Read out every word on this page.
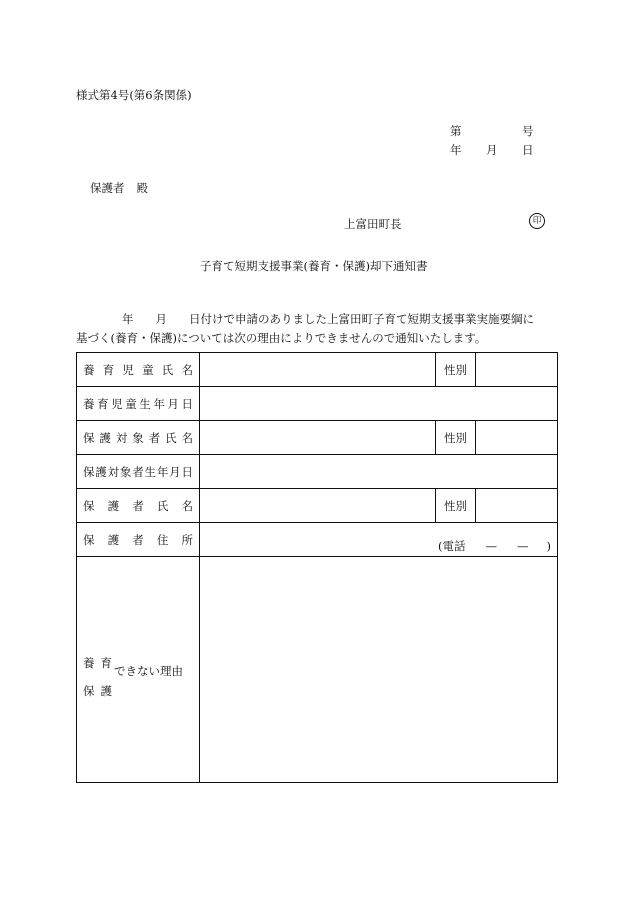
様式第4号(第6条関係)
第	号
年 月 日
保護者 殿
上富田町長	印
子育て短期支援事業(養育・保護)却下通知書
年 月 日付けで申請のありました上富田町子育て短期支援事業実施要綱に
基づく(養育・保護)については次の理由によりできませんので通知いたします。
養育児童氏名		性別	

養育児童生年月日			

保護対象者氏名		性別	

保護対象者生年月日			

保護者氏名		性別	

保護者住所	(電話 — — )		

養育
保護
できない理由			
